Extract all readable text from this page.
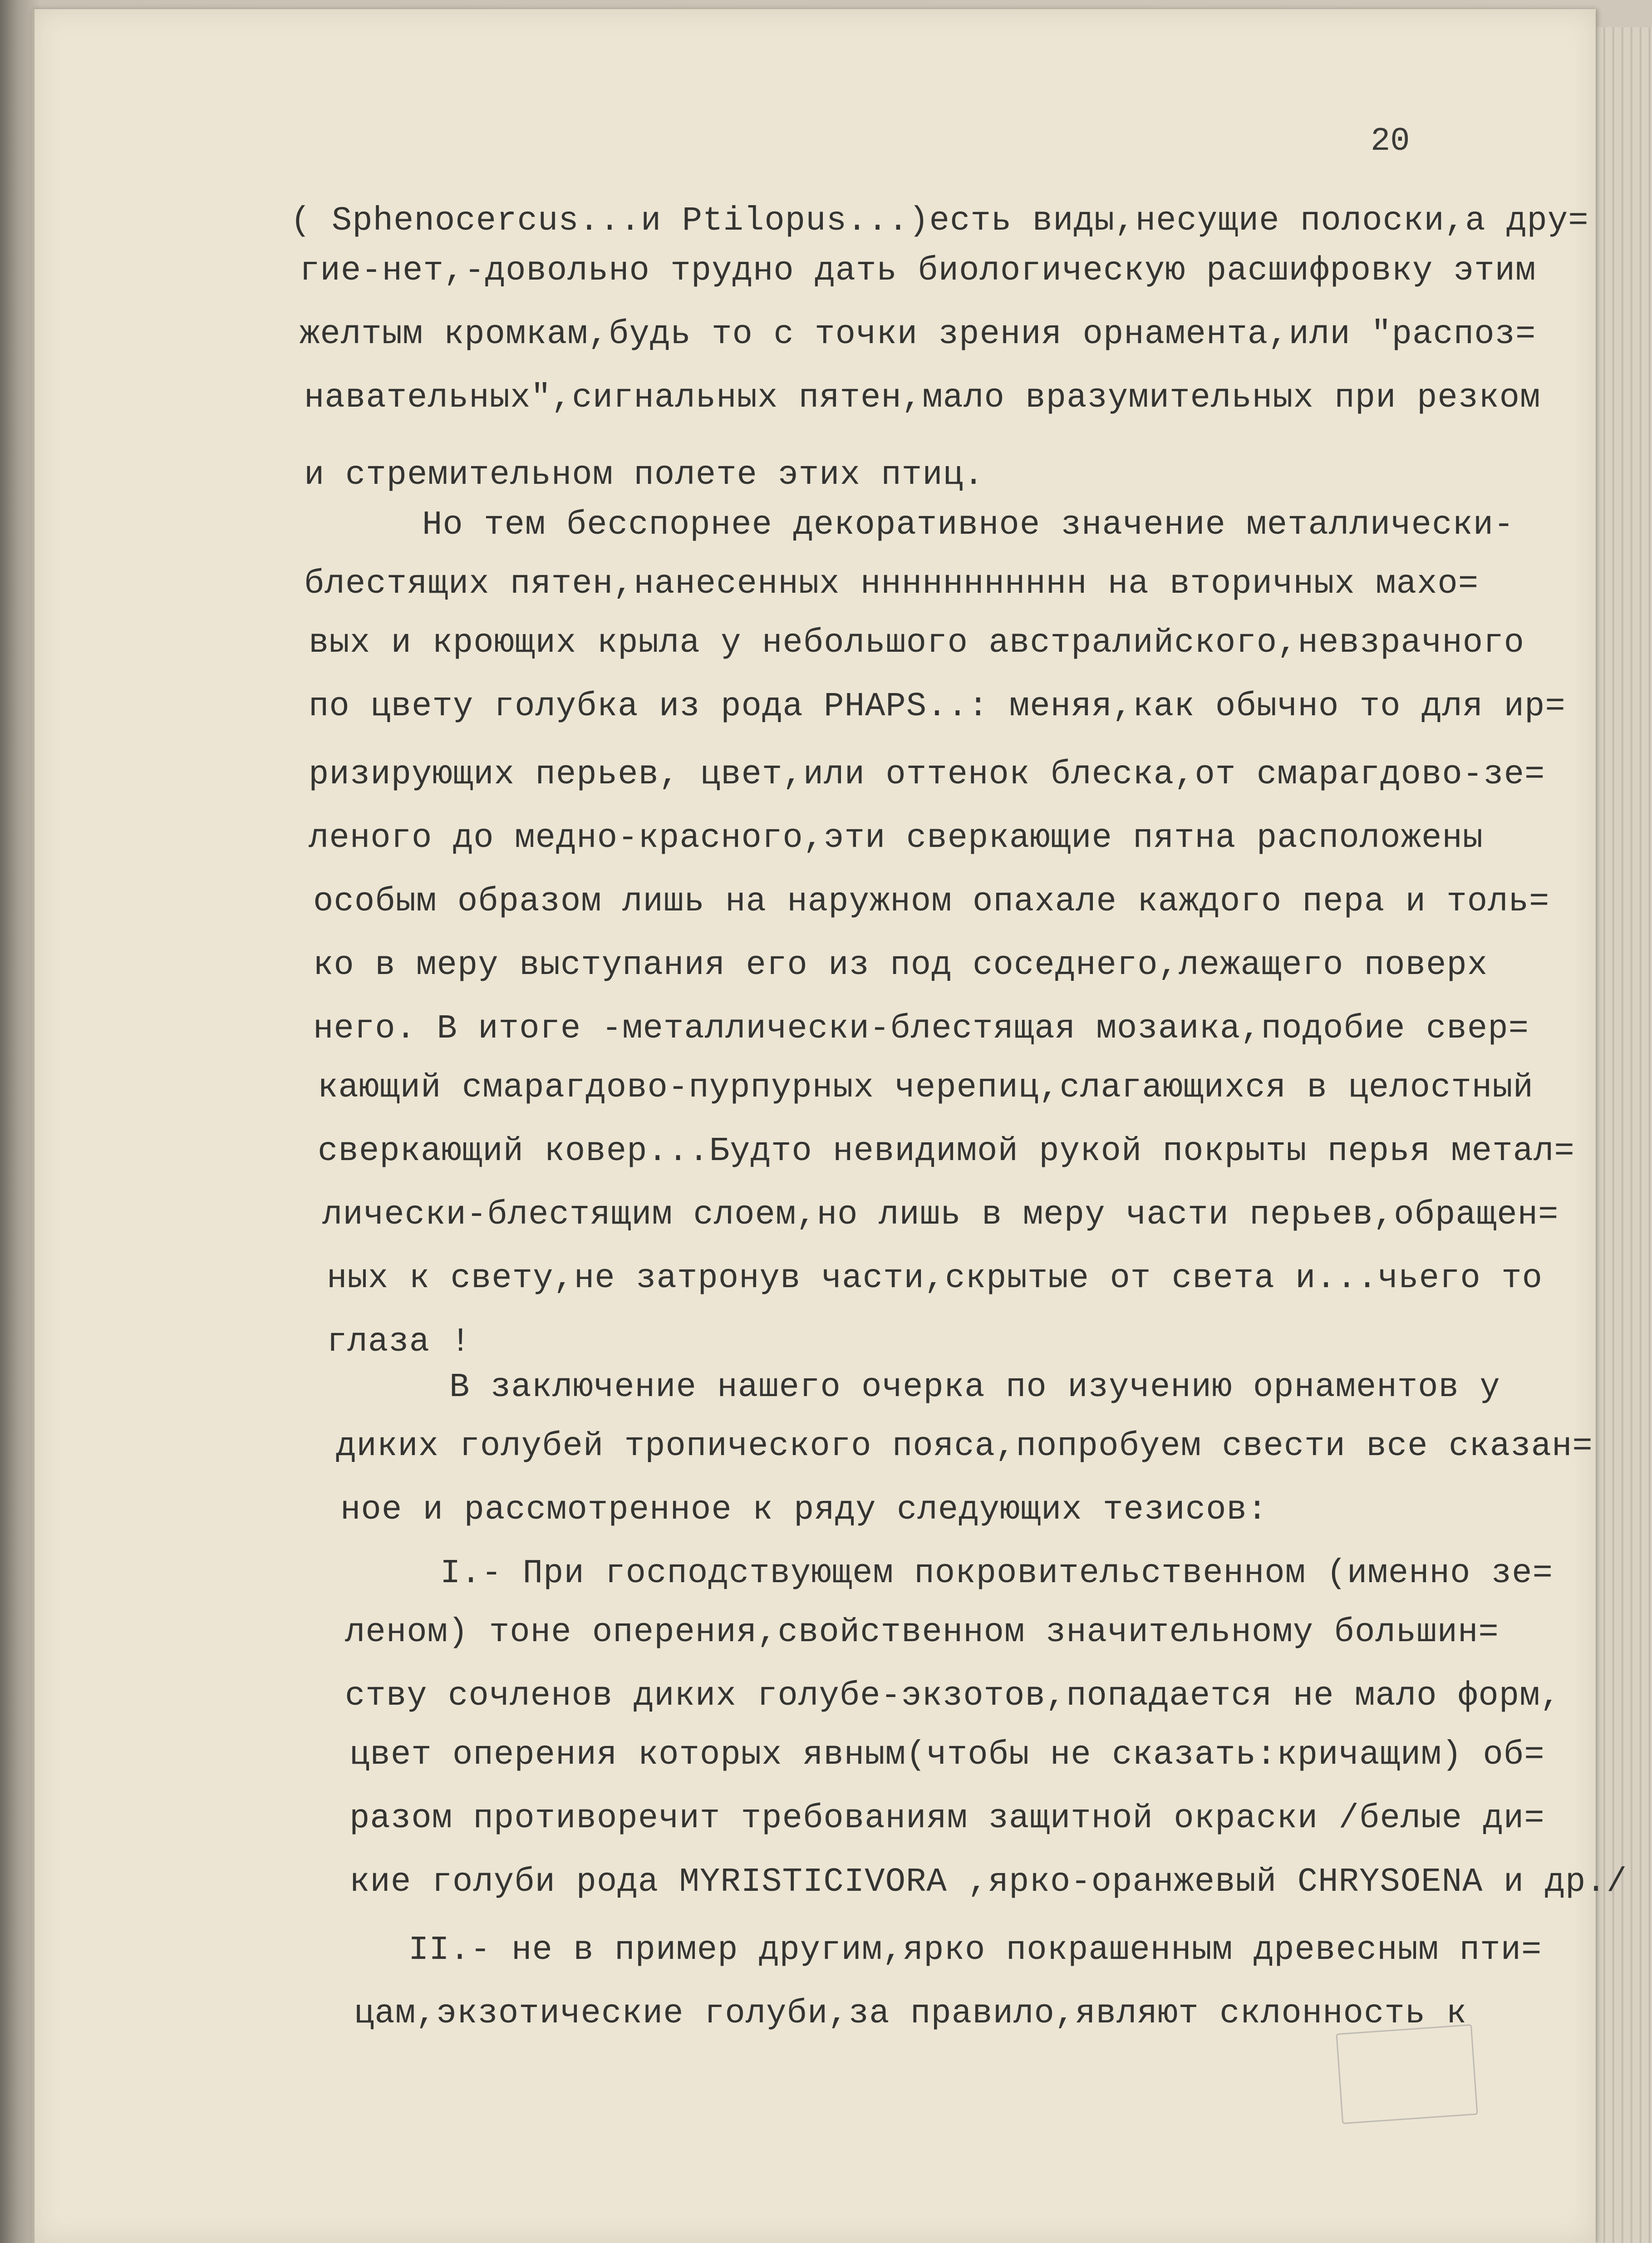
20
( Sphenocercus...и Ptilopus...)есть виды,несущие полоски,а дру=
гие-нет,-довольно трудно дать биологическую расшифровку этим
желтым кромкам,будь то с точки зрения орнамента,или "распоз=
навательных",сигнальных пятен,мало вразумительных при резком
и стремительном полете этих птиц.
Но тем бесспорнее декоративное значение металлически-
блестящих пятен,нанесенных ннннннннннн на вторичных махо=
вых и кроющих крыла у небольшого австралийского,невзрачного
по цвету голубка из рода PHAPS..: меняя,как обычно то для ир=
ризирующих перьев, цвет,или оттенок блеска,от смарагдово-зе=
леного до медно-красного,эти сверкающие пятна расположены
особым образом лишь на наружном опахале каждого пера и толь=
ко в меру выступания его из под соседнего,лежащего поверх
него. В итоге -металлически-блестящая мозаика,подобие свер=
кающий смарагдово-пурпурных черепиц,слагающихся в целостный
сверкающий ковер...Будто невидимой рукой покрыты перья метал=
лически-блестящим слоем,но лишь в меру части перьев,обращен=
ных к свету,не затронув части,скрытые от света и...чьего то
глаза !
В заключение нашего очерка по изучению орнаментов у
диких голубей тропического пояса,попробуем свести все сказан=
ное и рассмотренное к ряду следующих тезисов:
I.- При господствующем покровительственном (именно зе=
леном) тоне оперения,свойственном значительному большин=
ству сочленов диких голубе-экзотов,попадается не мало форм,
цвет оперения которых явным(чтобы не сказать:кричащим) об=
разом противоречит требованиям защитной окраски /белые ди=
кие голуби рода MYRISTICIVORA ,ярко-оранжевый CHRYSOENA и др./
II.- не в пример другим,ярко покрашенным древесным пти=
цам,экзотические голуби,за правило,являют склонность к
